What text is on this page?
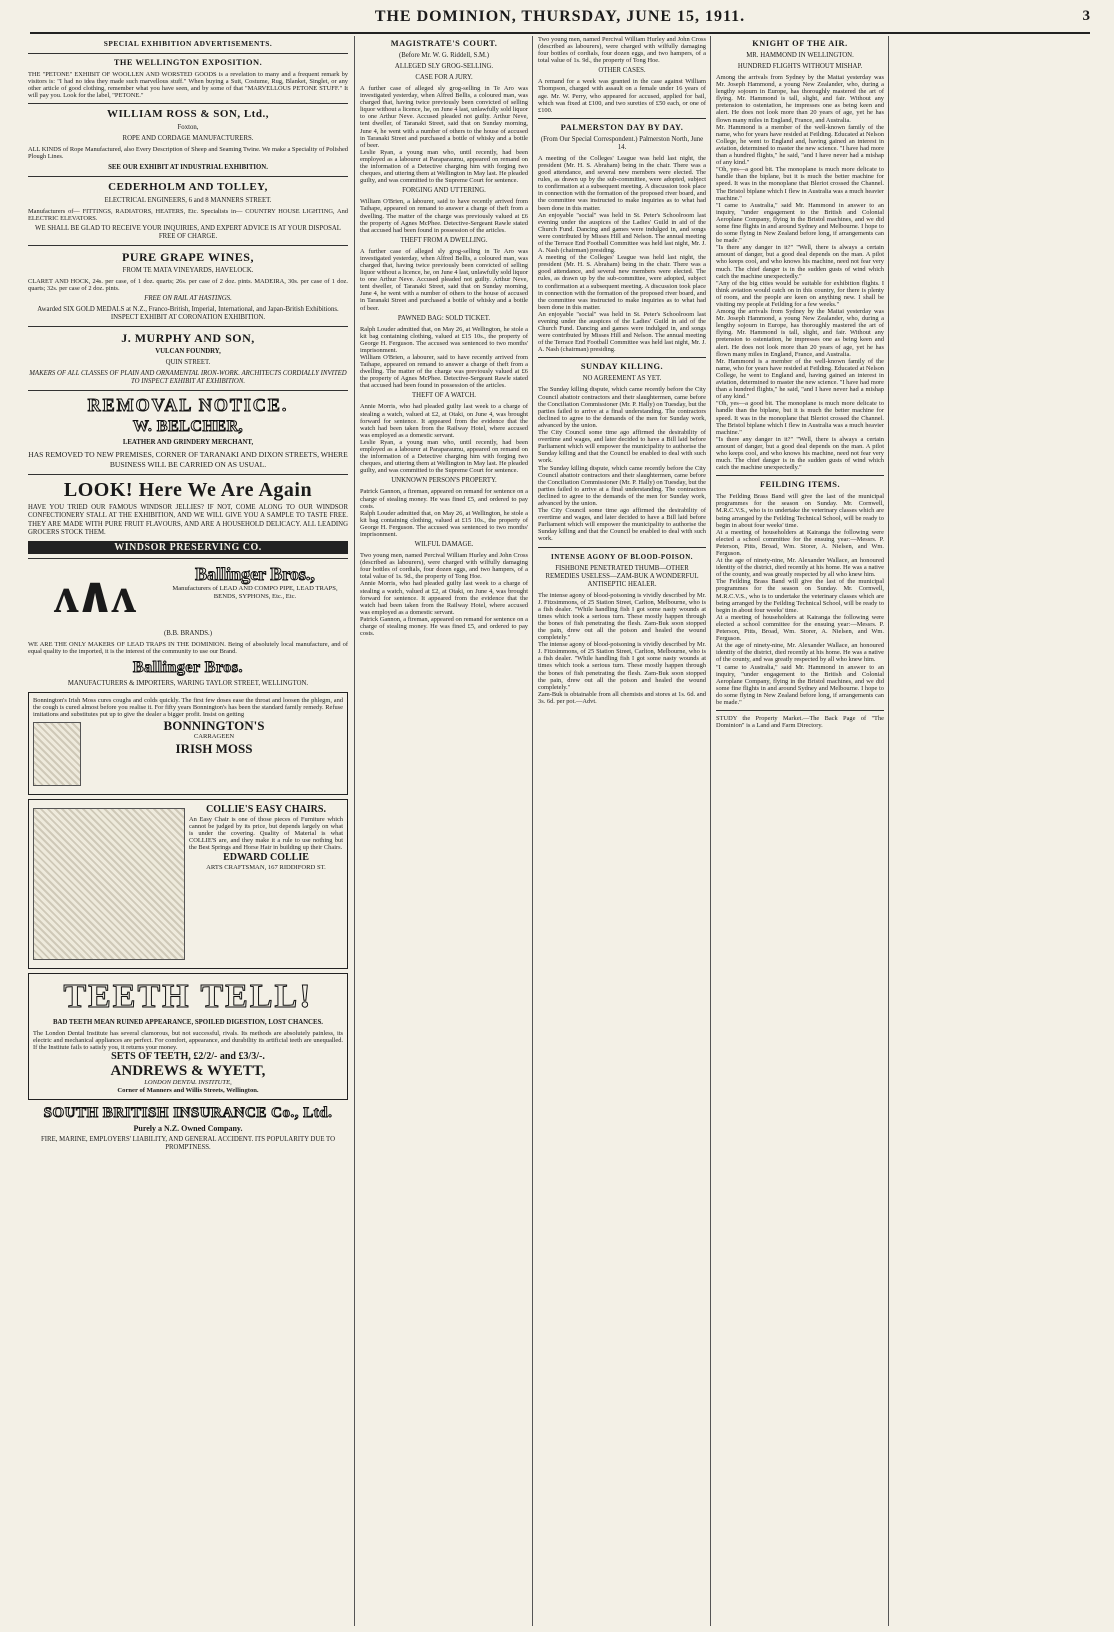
THE DOMINION, THURSDAY, JUNE 15, 1911.	3
SPECIAL EXHIBITION ADVERTISEMENTS.
THE WELLINGTON EXPOSITION.
THE "PETONE" EXHIBIT OF WOOLLEN AND WORSTED GOODS is a revelation to many and a frequent remark by visitors is: "I had no idea they made such marvellous stuff." When buying a Suit, Costume, Rug, Blanket, Singlet, or any other article of good clothing, remember what you have seen, and by some of that "MARVELLOUS PETONE STUFF." It will pay you. Look for the label, "PETONE."
WILLIAM ROSS & SON, Ltd.,
Foxton,
ROPE AND CORDAGE MANUFACTURERS.
ALL KINDS of Rope Manufactured, also Every Description of Sheep and Seaming Twine. We make a Speciality of Polished Plough Lines.
SEE OUR EXHIBIT AT INDUSTRIAL EXHIBITION.
CEDERHOLM AND TOLLEY,
ELECTRICAL ENGINEERS, 6 and 8 MANNERS STREET.
Manufacturers of— FITTINGS, RADIATORS, HEATERS, Etc. Specialists in— COUNTRY HOUSE LIGHTING, And ELECTRIC ELEVATORS.
WE SHALL BE GLAD TO RECEIVE YOUR INQUIRIES, AND EXPERT ADVICE IS AT YOUR DISPOSAL FREE OF CHARGE.
PURE GRAPE WINES,
FROM TE MATA VINEYARDS, HAVELOCK.
CLARET AND HOCK, 24s. per case, of 1 doz. quarts; 26s. per case of 2 doz. pints. MADEIRA, 30s. per case of 1 doz. quarts; 32s. per case of 2 doz. pints.
FREE ON RAIL AT HASTINGS.
Awarded SIX GOLD MEDALS at N.Z., Franco-British, Imperial, International, and Japan-British Exhibitions. INSPECT EXHIBIT AT CORONATION EXHIBITION.
J. MURPHY AND SON,
VULCAN FOUNDRY,
QUIN STREET.
MAKERS OF ALL CLASSES OF PLAIN AND ORNAMENTAL IRON-WORK. ARCHITECTS CORDIALLY INVITED TO INSPECT EXHIBIT AT EXHIBITION.
REMOVAL NOTICE.
W. BELCHER,
LEATHER AND GRINDERY MERCHANT,
HAS REMOVED TO NEW PREMISES, CORNER OF TARANAKI AND DIXON STREETS, WHERE BUSINESS WILL BE CARRIED ON AS USUAL.
LOOK! Here We Are Again
HAVE YOU TRIED OUR FAMOUS WINDSOR JELLIES? IF NOT, COME ALONG TO OUR WINDSOR CONFECTIONERY STALL AT THE EXHIBITION, AND WE WILL GIVE YOU A SAMPLE TO TASTE FREE. THEY ARE MADE WITH PURE FRUIT FLAVOURS, AND ARE A HOUSEHOLD DELICACY. ALL LEADING GROCERS STOCK THEM.
WINDSOR PRESERVING CO.
ʌ∧ʌ	Ballinger Bros.,
Manufacturers of LEAD AND COMPO PIPE, LEAD TRAPS, BENDS, SYPHONS, Etc., Etc.
(B.B. BRANDS.)
WE ARE THE ONLY MAKERS OF LEAD TRAPS IN THE DOMINION. Being of absolutely local manufacture, and of equal quality to the imported, it is the interest of the community to use our Brand.
Ballinger Bros.
MANUFACTURERS & IMPORTERS, WARING TAYLOR STREET, WELLINGTON.
Bonnington's Irish Moss cures coughs and colds quickly. The first few doses ease the throat and loosen the phlegm, and the cough is cured almost before you realise it. For fifty years Bonnington's has been the standard family remedy. Refuse imitations and substitutes put up to give the dealer a bigger profit. Insist on getting
BONNINGTON'S
CARRAGEEN
IRISH MOSS
COLLIE'S EASY CHAIRS.
An Easy Chair is one of those pieces of Furniture which cannot be judged by its price, but depends largely on what is under the covering. Quality of Material is what COLLIE'S are, and they make it a rule to use nothing but the Best Springs and Horse Hair in building up their Chairs.
EDWARD COLLIE
ARTS CRAFTSMAN, 167 RIDDIFORD ST.
TEETH TELL!
BAD TEETH MEAN RUINED APPEARANCE, SPOILED DIGESTION, LOST CHANCES.
The London Dental Institute has several clamorous, but not successful, rivals. Its methods are absolutely painless, its electric and mechanical appliances are perfect. For comfort, appearance, and durability its artificial teeth are unequalled. If the Institute fails to satisfy you, it returns your money.
SETS OF TEETH, £2/2/- and £3/3/-.
ANDREWS & WYETT,
LONDON DENTAL INSTITUTE,
Corner of Manners and Willis Streets, Wellington.
SOUTH BRITISH INSURANCE Co., Ltd.
Purely a N.Z. Owned Company.
FIRE, MARINE, EMPLOYERS' LIABILITY, AND GENERAL ACCIDENT. ITS POPULARITY DUE TO PROMPTNESS.
MAGISTRATE'S COURT.
(Before Mr. W. G. Riddell, S.M.)
ALLEGED SLY GROG-SELLING.
CASE FOR A JURY.
A further case of alleged sly grog-selling in Te Aro was investigated yesterday, when Alfred Bellis, a coloured man, was charged that, having twice previously been convicted of selling liquor without a licence, he, on June 4 last, unlawfully sold liquor to one Arthur Neve. Accused pleaded not guilty. Arthur Neve, tent dweller, of Taranaki Street, said that on Sunday morning, June 4, he went with a number of others to the house of accused in Taranaki Street and purchased a bottle of whisky and a bottle of beer.
Leslie Ryan, a young man who, until recently, had been employed as a labourer at Paraparaumu, appeared on remand on the information of a Detective charging him with forging two cheques, and uttering them at Wellington in May last. He pleaded guilty, and was committed to the Supreme Court for sentence.
FORGING AND UTTERING.
William O'Brien, a labourer, said to have recently arrived from Taihape, appeared on remand to answer a charge of theft from a dwelling. The matter of the charge was previously valued at £6 the property of Agnes McPhee. Detective-Sergeant Rawle stated that accused had been found in possession of the articles.
THEFT FROM A DWELLING.
A further case of alleged sly grog-selling in Te Aro was investigated yesterday, when Alfred Bellis, a coloured man, was charged that, having twice previously been convicted of selling liquor without a licence, he, on June 4 last, unlawfully sold liquor to one Arthur Neve. Accused pleaded not guilty. Arthur Neve, tent dweller, of Taranaki Street, said that on Sunday morning, June 4, he went with a number of others to the house of accused in Taranaki Street and purchased a bottle of whisky and a bottle of beer.
PAWNED BAG: SOLD TICKET.
Ralph Louder admitted that, on May 26, at Wellington, he stole a kit bag containing clothing, valued at £15 10s., the property of George H. Ferguson. The accused was sentenced to two months' imprisonment.
William O'Brien, a labourer, said to have recently arrived from Taihape, appeared on remand to answer a charge of theft from a dwelling. The matter of the charge was previously valued at £6 the property of Agnes McPhee. Detective-Sergeant Rawle stated that accused had been found in possession of the articles.
THEFT OF A WATCH.
Annie Morris, who had pleaded guilty last week to a charge of stealing a watch, valued at £2, at Otaki, on June 4, was brought forward for sentence. It appeared from the evidence that the watch had been taken from the Railway Hotel, where accused was employed as a domestic servant.
Leslie Ryan, a young man who, until recently, had been employed as a labourer at Paraparaumu, appeared on remand on the information of a Detective charging him with forging two cheques, and uttering them at Wellington in May last. He pleaded guilty, and was committed to the Supreme Court for sentence.
UNKNOWN PERSON'S PROPERTY.
Patrick Gannon, a fireman, appeared on remand for sentence on a charge of stealing money. He was fined £5, and ordered to pay costs.
Ralph Louder admitted that, on May 26, at Wellington, he stole a kit bag containing clothing, valued at £15 10s., the property of George H. Ferguson. The accused was sentenced to two months' imprisonment.
WILFUL DAMAGE.
Two young men, named Percival William Hurley and John Cross (described as labourers), were charged with wilfully damaging four bottles of cordials, four dozen eggs, and two hampers, of a total value of 1s. 9d., the property of Tong Hoe.
Annie Morris, who had pleaded guilty last week to a charge of stealing a watch, valued at £2, at Otaki, on June 4, was brought forward for sentence. It appeared from the evidence that the watch had been taken from the Railway Hotel, where accused was employed as a domestic servant.
Patrick Gannon, a fireman, appeared on remand for sentence on a charge of stealing money. He was fined £5, and ordered to pay costs.
Two young men, named Percival William Hurley and John Cross (described as labourers), were charged with wilfully damaging four bottles of cordials, four dozen eggs, and two hampers, of a total value of 1s. 9d., the property of Tong Hoe.
OTHER CASES.
A remand for a week was granted in the case against William Thompson, charged with assault on a female under 16 years of age. Mr. W. Perry, who appeared for accused, applied for bail, which was fixed at £100, and two sureties of £50 each, or one of £100.
PALMERSTON DAY BY DAY.
(From Our Special Correspondent.) Palmerston North, June 14.
A meeting of the Colleges' League was held last night, the president (Mr. H. S. Abraham) being in the chair. There was a good attendance, and several new members were elected. The rules, as drawn up by the sub-committee, were adopted, subject to confirmation at a subsequent meeting. A discussion took place in connection with the formation of the proposed river board, and the committee was instructed to make inquiries as to what had been done in this matter.
An enjoyable "social" was held in St. Peter's Schoolroom last evening under the auspices of the Ladies' Guild in aid of the Church Fund. Dancing and games were indulged in, and songs were contributed by Misses Hill and Nelson. The annual meeting of the Terrace End Football Committee was held last night, Mr. J. A. Nash (chairman) presiding.
A meeting of the Colleges' League was held last night, the president (Mr. H. S. Abraham) being in the chair. There was a good attendance, and several new members were elected. The rules, as drawn up by the sub-committee, were adopted, subject to confirmation at a subsequent meeting. A discussion took place in connection with the formation of the proposed river board, and the committee was instructed to make inquiries as to what had been done in this matter.
An enjoyable "social" was held in St. Peter's Schoolroom last evening under the auspices of the Ladies' Guild in aid of the Church Fund. Dancing and games were indulged in, and songs were contributed by Misses Hill and Nelson. The annual meeting of the Terrace End Football Committee was held last night, Mr. J. A. Nash (chairman) presiding.
SUNDAY KILLING.
NO AGREEMENT AS YET.
The Sunday killing dispute, which came recently before the City Council abattoir contractors and their slaughtermen, came before the Conciliation Commissioner (Mr. P. Hally) on Tuesday, but the parties failed to arrive at a final understanding. The contractors declined to agree to the demands of the men for Sunday work, advanced by the union.
The City Council some time ago affirmed the desirability of overtime and wages, and later decided to have a Bill laid before Parliament which will empower the municipality to authorise the Sunday killing and that the Council be enabled to deal with such work.
The Sunday killing dispute, which came recently before the City Council abattoir contractors and their slaughtermen, came before the Conciliation Commissioner (Mr. P. Hally) on Tuesday, but the parties failed to arrive at a final understanding. The contractors declined to agree to the demands of the men for Sunday work, advanced by the union.
The City Council some time ago affirmed the desirability of overtime and wages, and later decided to have a Bill laid before Parliament which will empower the municipality to authorise the Sunday killing and that the Council be enabled to deal with such work.
INTENSE AGONY OF BLOOD-POISON.
FISHBONE PENETRATED THUMB—OTHER REMEDIES USELESS—ZAM-BUK A WONDERFUL ANTISEPTIC HEALER.
The intense agony of blood-poisoning is vividly described by Mr. J. Fitzsimmons, of 25 Station Street, Carlton, Melbourne, who is a fish dealer. "While handling fish I got some nasty wounds at times which took a serious turn. These mostly happen through the bones of fish penetrating the flesh. Zam-Buk soon stopped the pain, drew out all the poison and healed the wound completely."
The intense agony of blood-poisoning is vividly described by Mr. J. Fitzsimmons, of 25 Station Street, Carlton, Melbourne, who is a fish dealer. "While handling fish I got some nasty wounds at times which took a serious turn. These mostly happen through the bones of fish penetrating the flesh. Zam-Buk soon stopped the pain, drew out all the poison and healed the wound completely."
Zam-Buk is obtainable from all chemists and stores at 1s. 6d. and 3s. 6d. per pot.—Advt.
KNIGHT OF THE AIR.
MR. HAMMOND IN WELLINGTON.
HUNDRED FLIGHTS WITHOUT MISHAP.
Among the arrivals from Sydney by the Maitai yesterday was Mr. Joseph Hammond, a young New Zealander, who, during a lengthy sojourn in Europe, has thoroughly mastered the art of flying. Mr. Hammond is tall, slight, and fair. Without any pretension to ostentation, he impresses one as being keen and alert. He does not look more than 20 years of age, yet he has flown many miles in England, France, and Australia.
Mr. Hammond is a member of the well-known family of the name, who for years have resided at Feilding. Educated at Nelson College, he went to England and, having gained an interest in aviation, determined to master the new science. "I have had more than a hundred flights," he said, "and I have never had a mishap of any kind."
"Oh, yes—a good bit. The monoplane is much more delicate to handle than the biplane, but it is much the better machine for speed. It was in the monoplane that Bleriot crossed the Channel. The Bristol biplane which I flew in Australia was a much heavier machine."
"I came to Australia," said Mr. Hammond in answer to an inquiry, "under engagement to the British and Colonial Aeroplane Company, flying in the Bristol machines, and we did some fine flights in and around Sydney and Melbourne. I hope to do some flying in New Zealand before long, if arrangements can be made."
"Is there any danger in it?" "Well, there is always a certain amount of danger, but a good deal depends on the man. A pilot who keeps cool, and who knows his machine, need not fear very much. The chief danger is in the sudden gusts of wind which catch the machine unexpectedly."
"Any of the big cities would be suitable for exhibition flights. I think aviation would catch on in this country, for there is plenty of room, and the people are keen on anything new. I shall be visiting my people at Feilding for a few weeks."
Among the arrivals from Sydney by the Maitai yesterday was Mr. Joseph Hammond, a young New Zealander, who, during a lengthy sojourn in Europe, has thoroughly mastered the art of flying. Mr. Hammond is tall, slight, and fair. Without any pretension to ostentation, he impresses one as being keen and alert. He does not look more than 20 years of age, yet he has flown many miles in England, France, and Australia.
Mr. Hammond is a member of the well-known family of the name, who for years have resided at Feilding. Educated at Nelson College, he went to England and, having gained an interest in aviation, determined to master the new science. "I have had more than a hundred flights," he said, "and I have never had a mishap of any kind."
"Oh, yes—a good bit. The monoplane is much more delicate to handle than the biplane, but it is much the better machine for speed. It was in the monoplane that Bleriot crossed the Channel. The Bristol biplane which I flew in Australia was a much heavier machine."
"Is there any danger in it?" "Well, there is always a certain amount of danger, but a good deal depends on the man. A pilot who keeps cool, and who knows his machine, need not fear very much. The chief danger is in the sudden gusts of wind which catch the machine unexpectedly."
FEILDING ITEMS.
The Feilding Brass Band will give the last of the municipal programmes for the season on Sunday. Mr. Cornwell, M.R.C.V.S., who is to undertake the veterinary classes which are being arranged by the Feilding Technical School, will be ready to begin in about four weeks' time.
At a meeting of householders at Kairanga the following were elected a school committee for the ensuing year:—Messrs. P. Peterson, Pitts, Broad, Wm. Storer, A. Nielsen, and Wm. Ferguson.
At the age of ninety-nine, Mr. Alexander Wallace, an honoured identity of the district, died recently at his home. He was a native of the county, and was greatly respected by all who knew him.
The Feilding Brass Band will give the last of the municipal programmes for the season on Sunday. Mr. Cornwell, M.R.C.V.S., who is to undertake the veterinary classes which are being arranged by the Feilding Technical School, will be ready to begin in about four weeks' time.
At a meeting of householders at Kairanga the following were elected a school committee for the ensuing year:—Messrs. P. Peterson, Pitts, Broad, Wm. Storer, A. Nielsen, and Wm. Ferguson.
At the age of ninety-nine, Mr. Alexander Wallace, an honoured identity of the district, died recently at his home. He was a native of the county, and was greatly respected by all who knew him.
"I came to Australia," said Mr. Hammond in answer to an inquiry, "under engagement to the British and Colonial Aeroplane Company, flying in the Bristol machines, and we did some fine flights in and around Sydney and Melbourne. I hope to do some flying in New Zealand before long, if arrangements can be made."
STUDY the Property Market.—The Back Page of "The Dominion" is a Land and Farm Directory.
